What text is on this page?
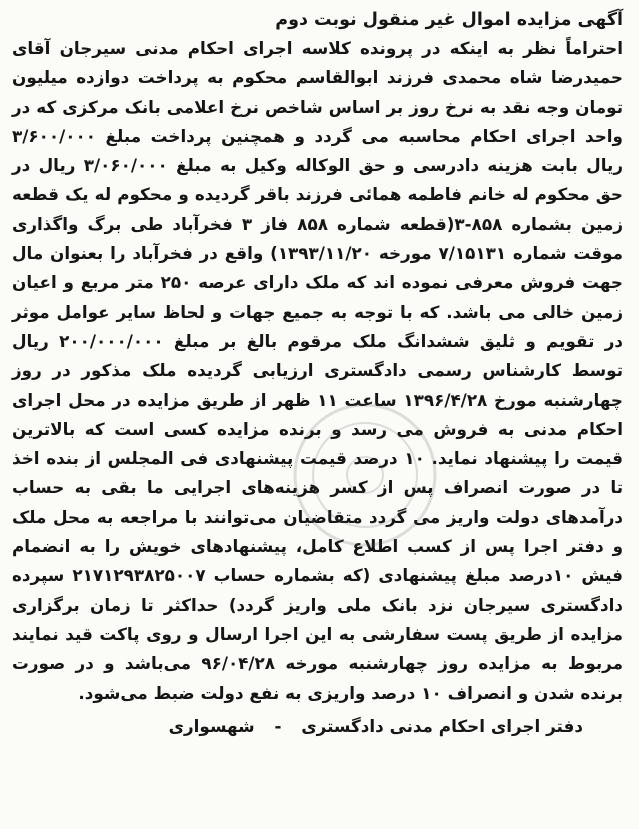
آگهی مزایده اموال غیر منقول نوبت دوم

احتراماً نظر به اینکه در پرونده کلاسه اجرای احکام مدنی سیرجان آقای حمیدرضا شاه محمدی فرزند ابوالقاسم محکوم به پرداخت دوازده میلیون تومان وجه نقد به نرخ روز بر اساس شاخص نرخ اعلامی بانک مرکزی که در واحد اجرای احکام محاسبه می گردد و همچنین پرداخت مبلغ ۳/۶۰۰/۰۰۰ ریال بابت هزینه دادرسی و حق الوکاله وکیل به مبلغ ۳/۰۶۰/۰۰۰ ریال در حق محکوم له خانم فاطمه همائی فرزند باقر گردیده و محکوم له یک قطعه زمین بشماره ۸۵۸-۳(قطعه شماره ۸۵۸ فاز ۳ فخرآباد طی برگ واگذاری موقت شماره ۷/۱۵۱۳۱ مورخه ۱۳۹۳/۱۱/۲۰) واقع در فخرآباد را بعنوان مال جهت فروش معرفی نموده اند که ملک دارای عرصه ۲۵۰ متر مربع و اعیان زمین خالی می باشد. که با توجه به جمیع جهات و لحاظ سایر عوامل موثر در تقویم و ثلیق ششدانگ ملک مرقوم بالغ بر مبلغ ۲۰۰/۰۰۰/۰۰۰ ریال توسط کارشناس رسمی دادگستری ارزیابی گردیده ملک مذکور در روز چهارشنبه مورخ ۱۳۹۶/۴/۲۸ ساعت ۱۱ ظهر از طریق مزایده در محل اجرای احکام مدنی به فروش می رسد و برنده مزایده کسی است که بالاترین قیمت را پیشنهاد نماید. ۱۰ درصد قیمت پیشنهادی فی المجلس از بنده اخذ تا در صورت انصراف پس از کسر هزینه‌های اجرایی ما بقی به حساب درآمدهای دولت واریز می گردد متقاضیان می‌توانند با مراجعه به محل ملک و دفتر اجرا پس از کسب اطلاع کامل، پیشنهادهای خویش را به انضمام فیش ۱۰درصد مبلغ پیشنهادی (که بشماره حساب ۲۱۷۱۲۹۳۸۲۵۰۰۷ سپرده دادگستری سیرجان نزد بانک ملی واریز گردد) حداکثر تا زمان برگزاری مزایده از طریق پست سفارشی به این اجرا ارسال و روی پاکت قید نمایند مربوط به مزایده روز چهارشنبه مورخه ۹۶/۰۴/۲۸ می‌باشد و در صورت برنده شدن و انصراف ۱۰ درصد واریزی به نفع دولت ضبط می‌شود.

دفتر اجرای احکام مدنی دادگستری - شهسواری
